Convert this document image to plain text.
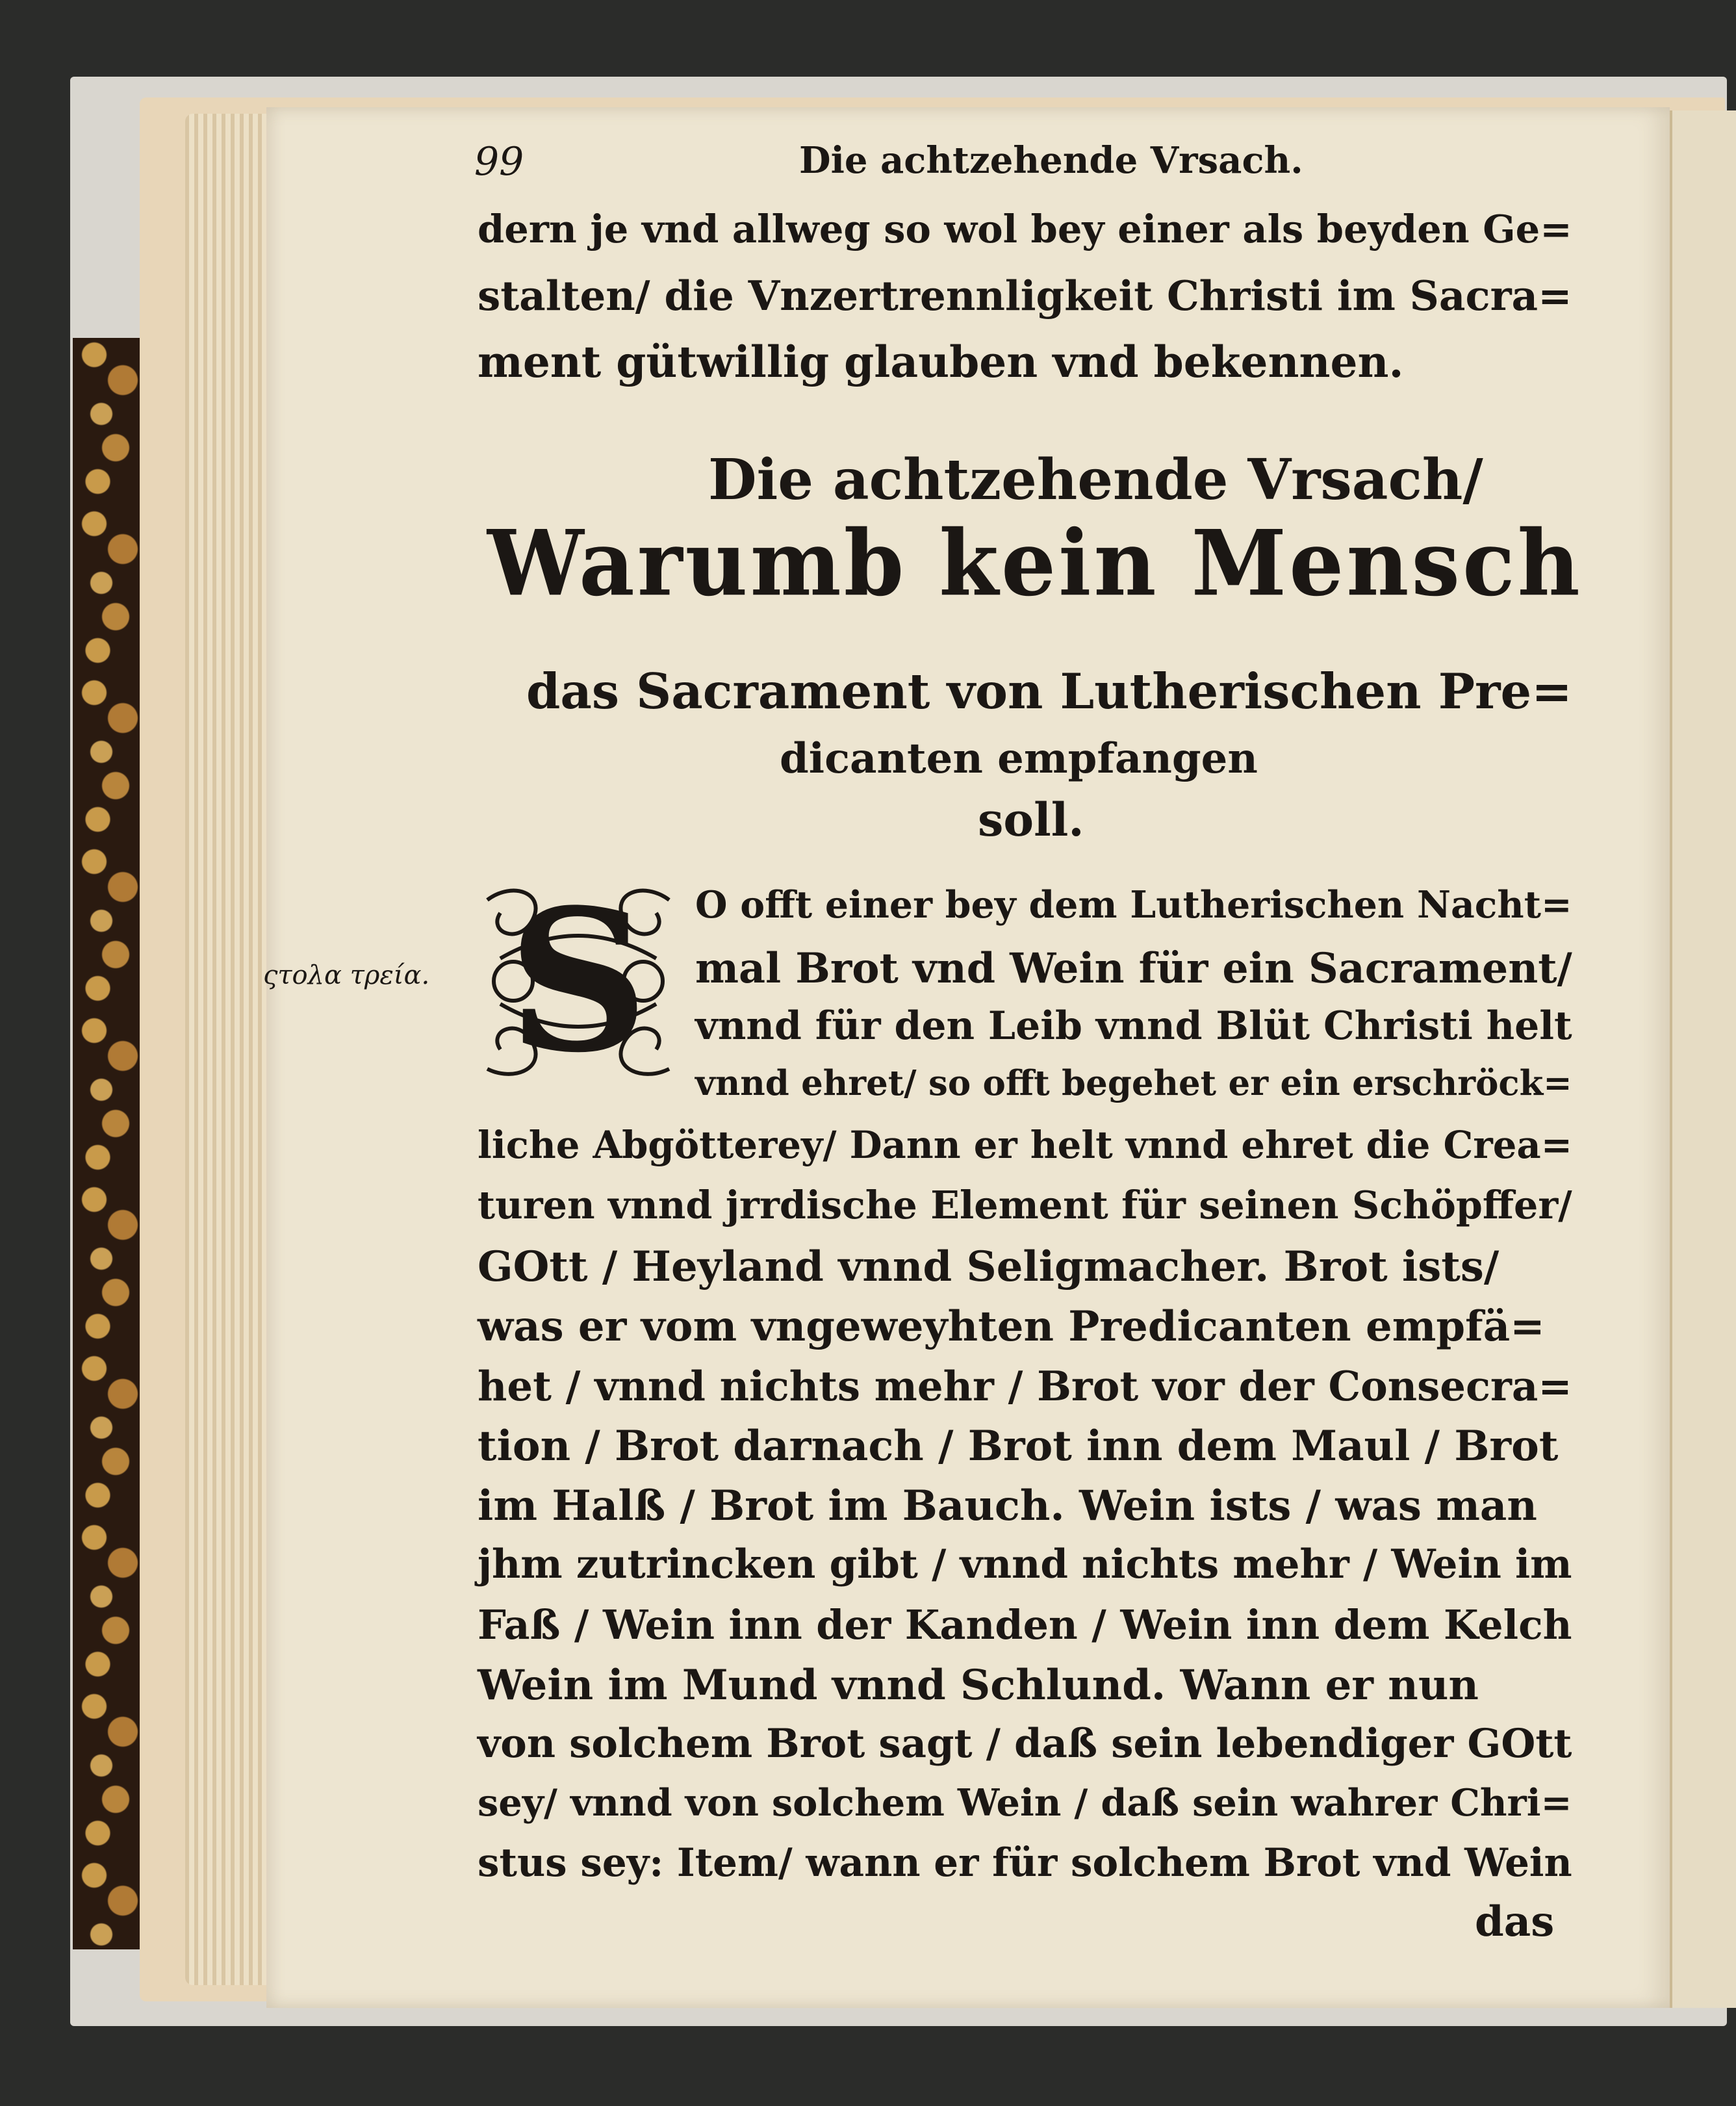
99	Die achtzehende Vrsach.
dern je vnd allweg so wol bey einer als beyden Ge=
stalten/ die Vnzertrennligkeit Christi im Sacra=
ment gütwillig glauben vnd bekennen.
Die achtzehende Vrsach/
Warumb kein Mensch
das Sacrament von Lutherischen Pre=
dicanten empfangen
soll.
ςτολα τρεία. S O offt einer bey dem Lutherischen Nacht=
mal Brot vnd Wein für ein Sacrament/
vnnd für den Leib vnnd Blüt Christi helt
vnnd ehret/ so offt begehet er ein erschröck=
liche Abgötterey/ Dann er helt vnnd ehret die Crea=
turen vnnd jrrdische Element für seinen Schöpffer/
GOtt / Heyland vnnd Seligmacher. Brot ists/
was er vom vngeweyhten Predicanten empfä=
het / vnnd nichts mehr / Brot vor der Consecra=
tion / Brot darnach / Brot inn dem Maul / Brot
im Halß / Brot im Bauch. Wein ists / was man
jhm zutrincken gibt / vnnd nichts mehr / Wein im
Faß / Wein inn der Kanden / Wein inn dem Kelch
Wein im Mund vnnd Schlund. Wann er nun
von solchem Brot sagt / daß sein lebendiger GOtt
sey/ vnnd von solchem Wein / daß sein wahrer Chri=
stus sey: Item/ wann er für solchem Brot vnd Wein
das
